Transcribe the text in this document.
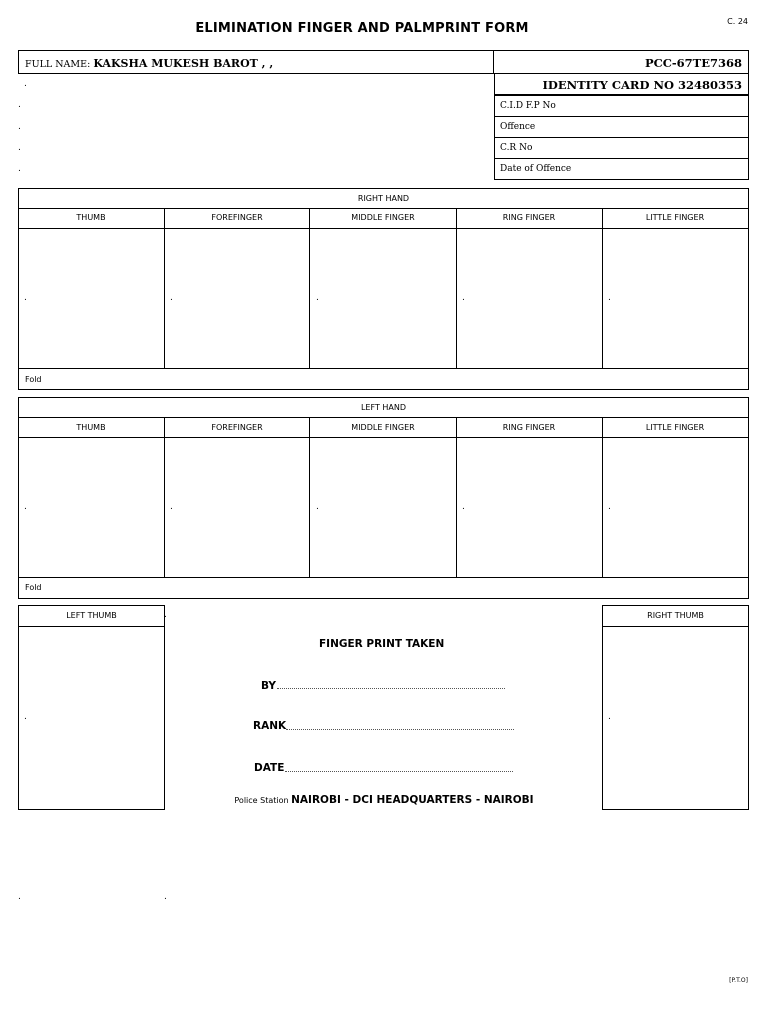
C. 24
ELIMINATION FINGER AND PALMPRINT FORM
FULL NAME: KAKSHA MUKESH BAROT , ,	PCC-67TE7368
IDENTITY CARD NO 32480353
C.I.D F.P No
Offence
C.R No
Date of Offence
.
.
.
.
.
RIGHT HAND
THUMB	FOREFINGER	MIDDLE FINGER	RING FINGER	LITTLE FINGER
.	.	.	.	.
Fold
LEFT HAND
THUMB	FOREFINGER	MIDDLE FINGER	RING FINGER	LITTLE FINGER
.	.	.	.	.
Fold
LEFT THUMB
.
.	RIGHT THUMB
.
FINGER PRINT TAKEN
BY
RANK
DATE
Police Station NAIROBI - DCI HEADQUARTERS - NAIROBI
.	.
[P.T.O]
